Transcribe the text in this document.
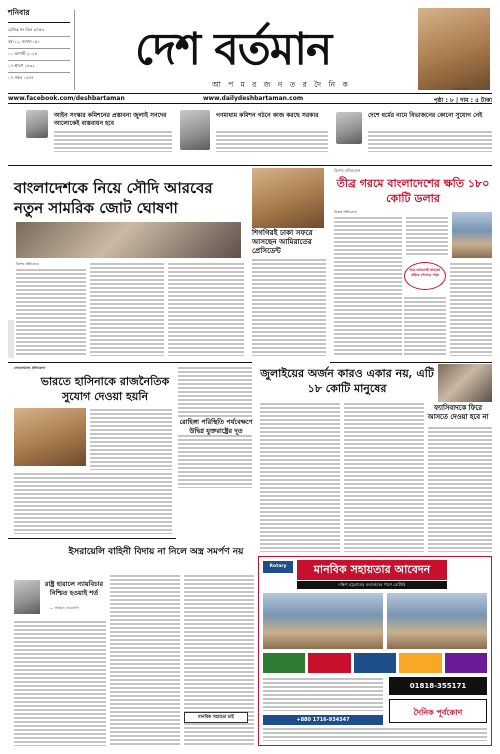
শনিবার
রেজিঃ নং ডিএ ৬৭৫৩
বর্ষ-১১, সংখ্যা-১৫০
০১ আগস্ট ২০২৫
১৭ শ্রাবণ ১৪৩২
০৭ সফর ১৪৪৭
দেশ বর্তমান
আ প ম র জ ন ত র দৈ নি ক	বেকেন্ড-পৃষ্ঠা ৬
www.facebook.com/deshbartaman	www.dailydeshbartaman.com	পৃষ্ঠা : ৮ | দাম : ৫ টাকা
আইন সংস্কার কমিশনের প্রস্তাবনা জুলাই সনদের আলোকেই বাস্তবায়ন হবে
গণমাধ্যম কমিশন গঠনে কাজ করছে সরকার	দেশে ধর্মের নামে বিভাজনের কোনো সুযোগ নেই
বাংলাদেশকে নিয়ে সৌদি আরবের নতুন সামরিক জোট ঘোষণা
বিশেষ প্রতিবেদক
শিগগিরই ঢাকা সফরে আসছেন আমিরাতের প্রেসিডেন্ট
বিশেষ প্রতিবেদন
তীব্র গরমে বাংলাদেশের ক্ষতি ১৮০ কোটি ডলার
নিজস্ব প্রতিবেদক
ঘরে তাকলেই ঘামছে! বাইরে গেলেও গরম
লোকসমাজ প্রতিবেদন
ভারতে হাসিনাকে রাজনৈতিক সুযোগ দেওয়া হয়নি
রোহিঙ্গা পরিস্থিতি পর্যবেক্ষণে উদ্বিগ্ন যুক্তরাষ্ট্রের দূত
জুলাইয়ের অর্জন কারও একার নয়, এটি ১৮ কোটি মানুষের
ফ্যাসিবাদকে ফিরে আসতে দেওয়া হবে না
ইসরায়েলি বাহিনী বিদায় না নিলে অস্ত্র সমর্পণ নয়
রাষ্ট্র হারালে ন্যায়বিচার নিশ্চিত হওয়াই শর্ত
— আহমদ ফেরদৌস
মানবিক সহায়তা চাই
Rotary	মানবিক সহায়তার আবেদন
দক্ষিণ চট্টগ্রামের বন্যার্তদের পাশে রোটারি
+880 1716-934347
01818-355171
দৈনিক পূর্বকোণ
